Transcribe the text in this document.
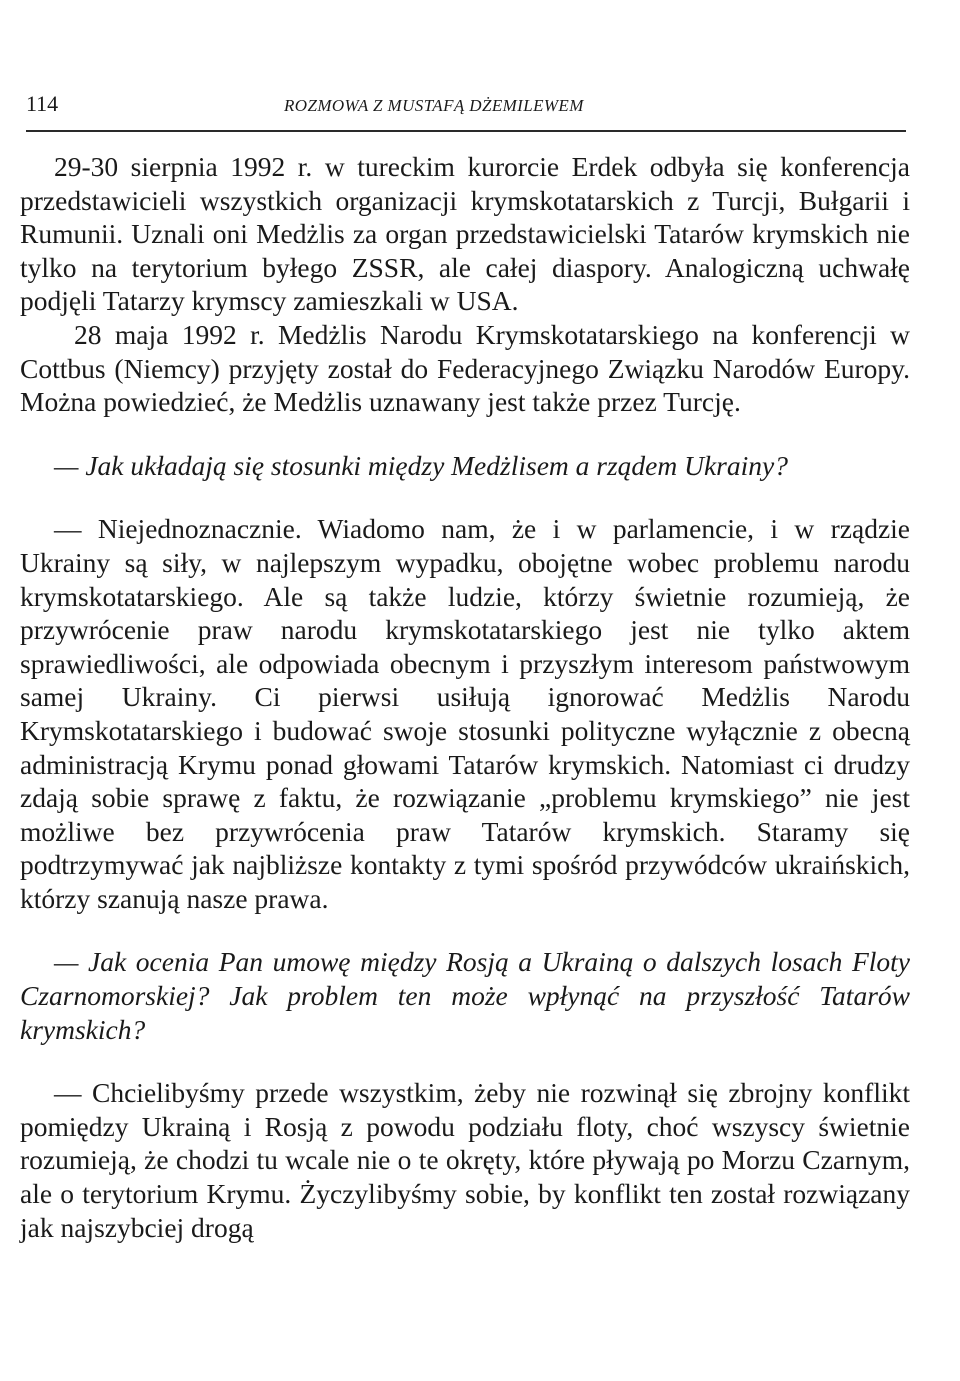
114	ROZMOWA Z MUSTAFĄ DŻEMILEWEM

29-30 sierpnia 1992 r. w tureckim kurorcie Erdek odbyła się konferencja przedstawicieli wszystkich organizacji krymskotatarskich z Turcji, Bułgarii i Rumunii. Uznali oni Medżlis za organ przedstawicielski Tatarów krymskich nie tylko na terytorium byłego ZSSR, ale całej diaspory. Analogiczną uchwałę podjęli Tatarzy krymscy zamieszkali w USA.

28 maja 1992 r. Medżlis Narodu Krymskotatarskiego na konferencji w Cottbus (Niemcy) przyjęty został do Federacyjnego Związku Narodów Europy. Można powiedzieć, że Medżlis uznawany jest także przez Turcję.

— Jak układają się stosunki między Medżlisem a rządem Ukrainy?

— Niejednoznacznie. Wiadomo nam, że i w parlamencie, i w rządzie Ukrainy są siły, w najlepszym wypadku, obojętne wobec problemu narodu krymskotatarskiego. Ale są także ludzie, którzy świetnie rozumieją, że przywrócenie praw narodu krymskotatarskiego jest nie tylko aktem sprawiedliwości, ale odpowiada obecnym i przyszłym interesom państwowym samej Ukrainy. Ci pierwsi usiłują ignorować Medżlis Narodu Krymskotatarskiego i budować swoje stosunki polityczne wyłącznie z obecną administracją Krymu ponad głowami Tatarów krymskich. Natomiast ci drudzy zdają sobie sprawę z faktu, że rozwiązanie „problemu krymskiego” nie jest możliwe bez przywrócenia praw Tatarów krymskich. Staramy się podtrzymywać jak najbliższe kontakty z tymi spośród przywódców ukraińskich, którzy szanują nasze prawa.

— Jak ocenia Pan umowę między Rosją a Ukrainą o dalszych losach Floty Czarnomorskiej? Jak problem ten może wpłynąć na przyszłość Tatarów krymskich?

— Chcielibyśmy przede wszystkim, żeby nie rozwinął się zbrojny konflikt pomiędzy Ukrainą i Rosją z powodu podziału floty, choć wszyscy świetnie rozumieją, że chodzi tu wcale nie o te okręty, które pływają po Morzu Czarnym, ale o terytorium Krymu. Życzylibyśmy sobie, by konflikt ten został rozwiązany jak najszybciej drogą
